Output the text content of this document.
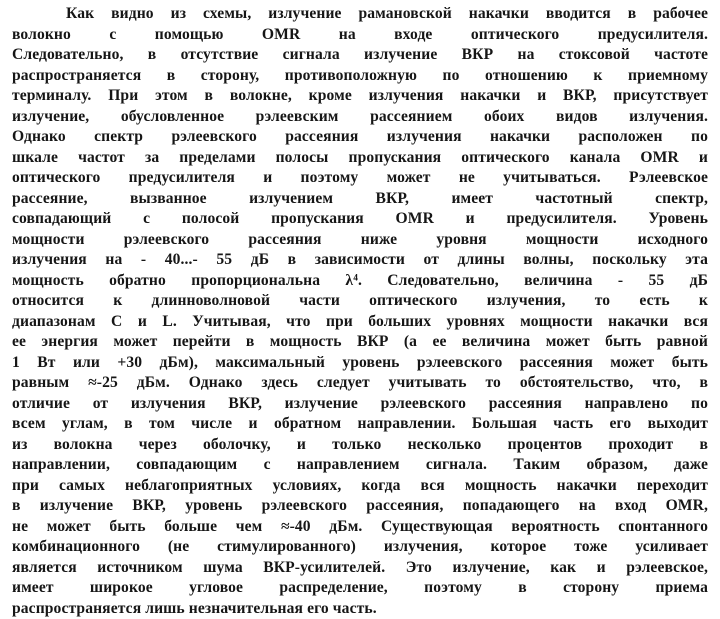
Как видно из схемы, излучение рамановской накачки вводится в рабочее
волокно с помощью ОМR на входе оптического предусилителя.
Следовательно, в отсутствие сигнала излучение ВКР на стоксовой частоте
распространяется в сторону, противоположную по отношению к приемному
терминалу. При этом в волокне, кроме излучения накачки и ВКР, присутствует
излучение, обусловленное рэлеевским рассеянием обоих видов излучения.
Однако спектр рэлеевского рассеяния излучения накачки расположен по
шкале частот за пределами полосы пропускания оптического канала ОМR и
оптического предусилителя и поэтому может не учитываться. Рэлеевское
рассеяние, вызванное излучением ВКР, имеет частотный спектр,
совпадающий с полосой пропускания ОМR и предусилителя. Уровень
мощности рэлеевского рассеяния ниже уровня мощности исходного
излучения на - 40...- 55 дБ в зависимости от длины волны, поскольку эта
мощность обратно пропорциональна λ⁴. Следовательно, величина - 55 дБ
относится к длинноволновой части оптического излучения, то есть к
диапазонам С и L. Учитывая, что при больших уровнях мощности накачки вся
ее энергия может перейти в мощность ВКР (а ее величина может быть равной
1 Вт или +30 дБм), максимальный уровень рэлеевского рассеяния может быть
равным ≈-25 дБм. Однако здесь следует учитывать то обстоятельство, что, в
отличие от излучения ВКР, излучение рэлеевского рассеяния направлено по
всем углам, в том числе и обратном направлении. Большая часть его выходит
из волокна через оболочку, и только несколько процентов проходит в
направлении, совпадающим с направлением сигнала. Таким образом, даже
при самых неблагоприятных условиях, когда вся мощность накачки переходит
в излучение ВКР, уровень рэлеевского рассеяния, попадающего на вход ОМR,
не может быть больше чем ≈-40 дБм. Существующая вероятность спонтанного
комбинационного (не стимулированного) излучения, которое тоже усиливает
является источником шума ВКР-усилителей. Это излучение, как и рэлеевское,
имеет широкое угловое распределение, поэтому в сторону приема
распространяется лишь незначительная его часть.
